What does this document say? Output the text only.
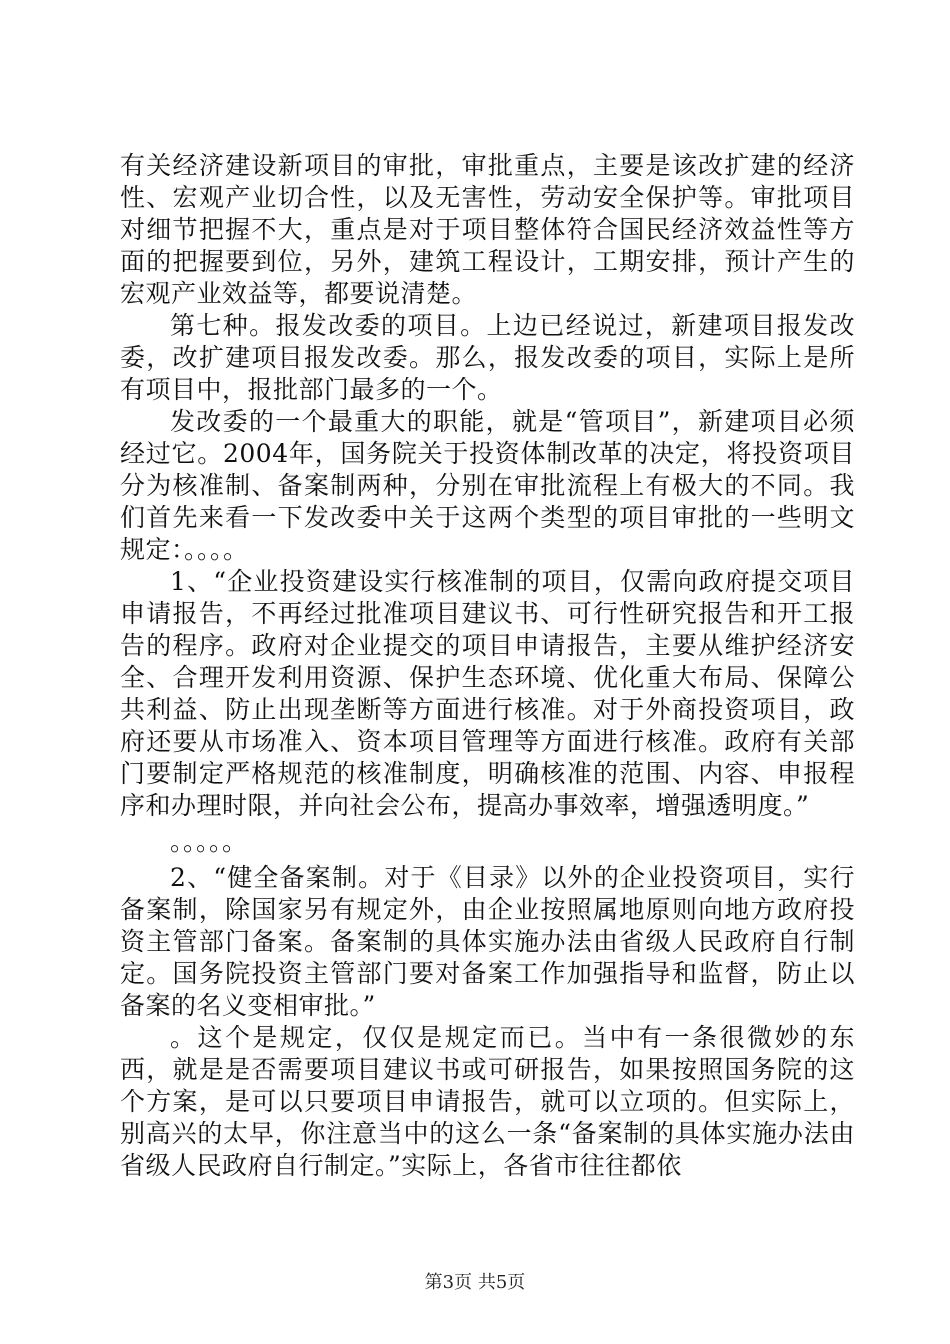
有关经济建设新项目的审批，审批重点，主要是该改扩建的经济性、宏观产业切合性，以及无害性，劳动安全保护等。审批项目对细节把握不大，重点是对于项目整体符合国民经济效益性等方面的把握要到位，另外，建筑工程设计，工期安排，预计产生的宏观产业效益等，都要说清楚。

第七种。报发改委的项目。上边已经说过，新建项目报发改委，改扩建项目报发改委。那么，报发改委的项目，实际上是所有项目中，报批部门最多的一个。

发改委的一个最重大的职能，就是“管项目”，新建项目必须经过它。2004年，国务院关于投资体制改革的决定，将投资项目分为核准制、备案制两种，分别在审批流程上有极大的不同。我们首先来看一下发改委中关于这两个类型的项目审批的一些明文规定：。。。。

1、“企业投资建设实行核准制的项目，仅需向政府提交项目申请报告，不再经过批准项目建议书、可行性研究报告和开工报告的程序。政府对企业提交的项目申请报告，主要从维护经济安全、合理开发利用资源、保护生态环境、优化重大布局、保障公共利益、防止出现垄断等方面进行核准。对于外商投资项目，政府还要从市场准入、资本项目管理等方面进行核准。政府有关部门要制定严格规范的核准制度，明确核准的范围、内容、申报程序和办理时限，并向社会公布，提高办事效率，增强透明度。”

。。。。。

2、“健全备案制。对于《目录》以外的企业投资项目，实行备案制，除国家另有规定外，由企业按照属地原则向地方政府投资主管部门备案。备案制的具体实施办法由省级人民政府自行制定。国务院投资主管部门要对备案工作加强指导和监督，防止以备案的名义变相审批。”

。这个是规定，仅仅是规定而已。当中有一条很微妙的东西，就是是否需要项目建议书或可研报告，如果按照国务院的这个方案，是可以只要项目申请报告，就可以立项的。但实际上，别高兴的太早，你注意当中的这么一条“备案制的具体实施办法由省级人民政府自行制定。”实际上，各省市往往都依

第3页 共5页
